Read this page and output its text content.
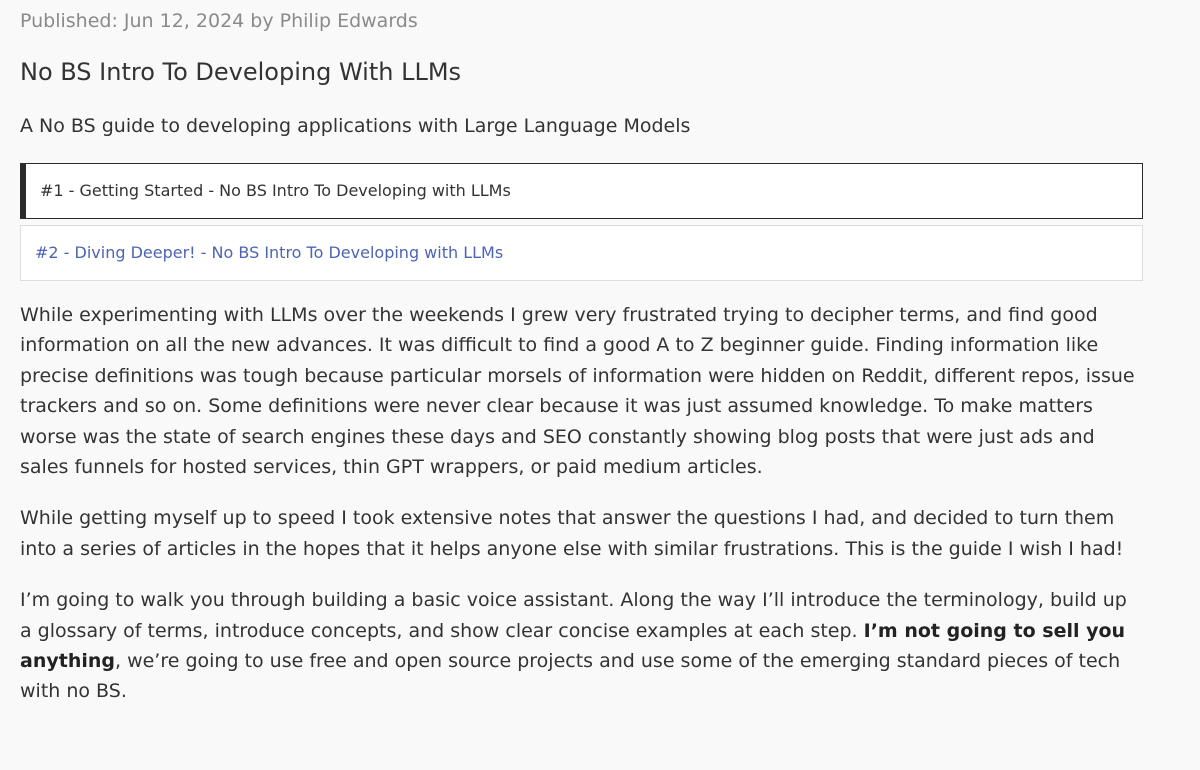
Published: Jun 12, 2024 by Philip Edwards

No BS Intro To Developing With LLMs

A No BS guide to developing applications with Large Language Models

#1 - Getting Started - No BS Intro To Developing with LLMs
#2 - Diving Deeper! - No BS Intro To Developing with LLMs

While experimenting with LLMs over the weekends I grew very frustrated trying to decipher terms, and find good information on all the new advances. It was difficult to find a good A to Z beginner guide. Finding information like precise definitions was tough because particular morsels of information were hidden on Reddit, different repos, issue trackers and so on. Some definitions were never clear because it was just assumed knowledge. To make matters worse was the state of search engines these days and SEO constantly showing blog posts that were just ads and sales funnels for hosted services, thin GPT wrappers, or paid medium articles.

While getting myself up to speed I took extensive notes that answer the questions I had, and decided to turn them into a series of articles in the hopes that it helps anyone else with similar frustrations. This is the guide I wish I had!

I’m going to walk you through building a basic voice assistant. Along the way I’ll introduce the terminology, build up a glossary of terms, introduce concepts, and show clear concise examples at each step. I’m not going to sell you anything, we’re going to use free and open source projects and use some of the emerging standard pieces of tech with no BS.
